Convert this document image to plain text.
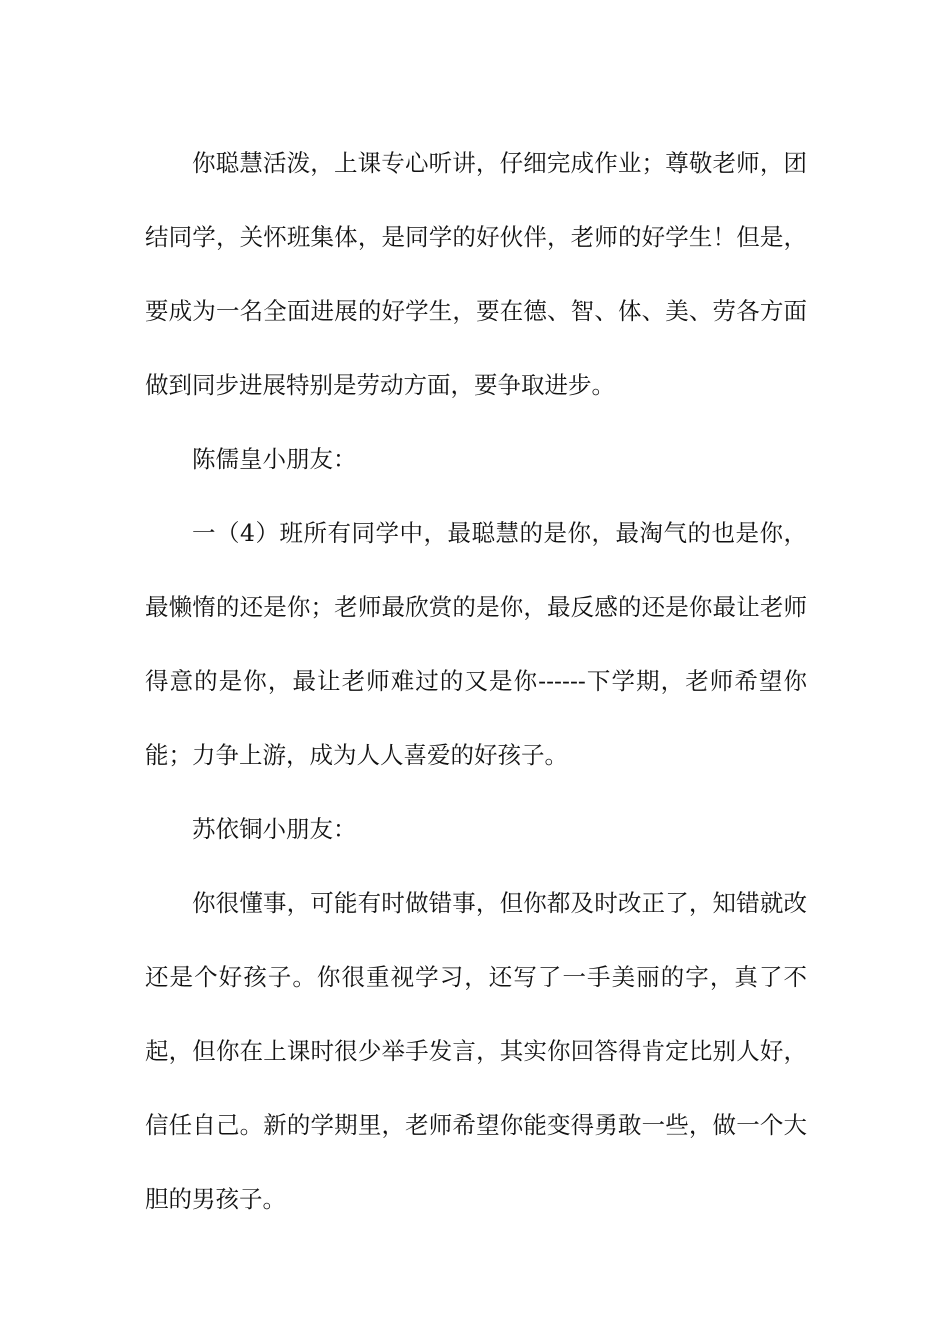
你聪慧活泼，上课专心听讲，仔细完成作业；尊敬老师，团结同学，关怀班集体，是同学的好伙伴，老师的好学生！但是，要成为一名全面进展的好学生，要在德、智、体、美、劳各方面做到同步进展特别是劳动方面，要争取进步。

陈儒皇小朋友：

一（4）班所有同学中，最聪慧的是你，最淘气的也是你，最懒惰的还是你；老师最欣赏的是你，最反感的还是你最让老师得意的是你，最让老师难过的又是你------下学期，老师希望你能；力争上游，成为人人喜爱的好孩子。

苏依铜小朋友：

你很懂事，可能有时做错事，但你都及时改正了，知错就改还是个好孩子。你很重视学习，还写了一手美丽的字，真了不起，但你在上课时很少举手发言，其实你回答得肯定比别人好，信任自己。新的学期里，老师希望你能变得勇敢一些，做一个大胆的男孩子。
